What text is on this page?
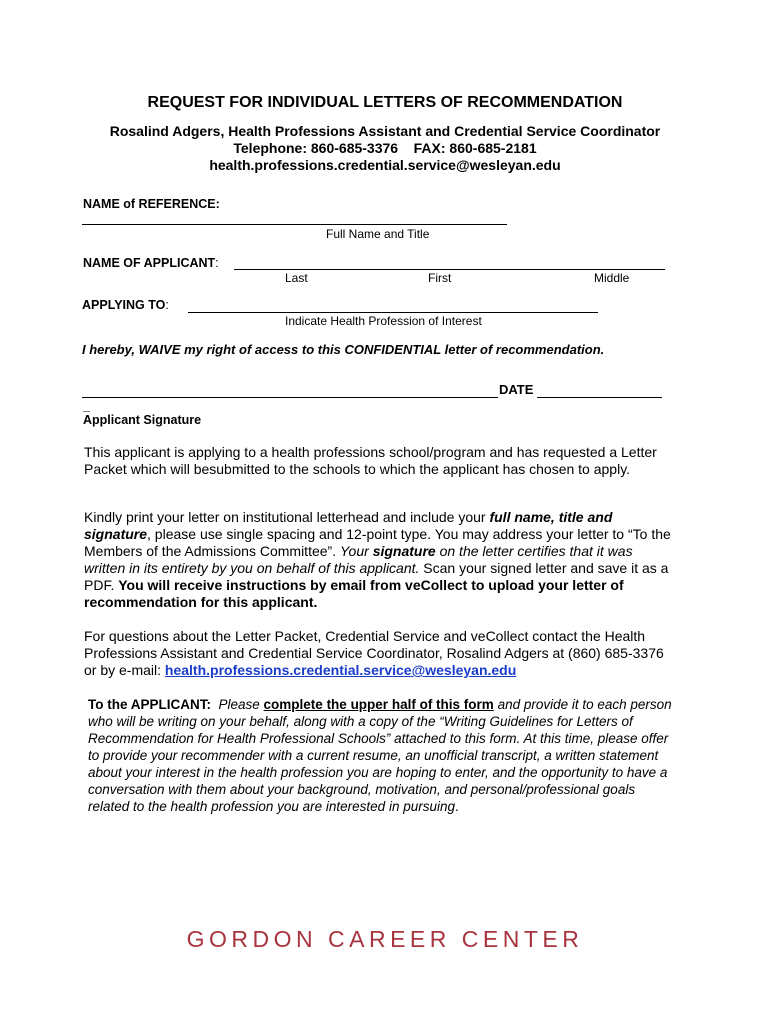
REQUEST FOR INDIVIDUAL LETTERS OF RECOMMENDATION
Rosalind Adgers, Health Professions Assistant and Credential Service Coordinator
Telephone: 860-685-3376    FAX: 860-685-2181
health.professions.credential.service@wesleyan.edu
NAME of REFERENCE:
Full Name and Title
NAME OF APPLICANT:
Last	First	Middle
APPLYING TO:
Indicate Health Profession of Interest
I hereby, WAIVE my right of access to this CONFIDENTIAL letter of recommendation.
DATE
_
Applicant Signature
This applicant is applying to a health professions school/program and has requested a Letter Packet which will besubmitted to the schools to which the applicant has chosen to apply.
Kindly print your letter on institutional letterhead and include your full name, title and signature, please use single spacing and 12-point type. You may address your letter to “To the Members of the Admissions Committee”. Your signature on the letter certifies that it was written in its entirety by you on behalf of this applicant. Scan your signed letter and save it as a PDF. You will receive instructions by email from veCollect to upload your letter of recommendation for this applicant.
For questions about the Letter Packet, Credential Service and veCollect contact the Health Professions Assistant and Credential Service Coordinator, Rosalind Adgers at (860) 685-3376 or by e-mail: health.professions.credential.service@wesleyan.edu
To the APPLICANT: Please complete the upper half of this form and provide it to each person who will be writing on your behalf, along with a copy of the “Writing Guidelines for Letters of Recommendation for Health Professional Schools” attached to this form. At this time, please offer to provide your recommender with a current resume, an unofficial transcript, a written statement about your interest in the health profession you are hoping to enter, and the opportunity to have a conversation with them about your background, motivation, and personal/professional goals related to the health profession you are interested in pursuing.
GORDON CAREER CENTER
